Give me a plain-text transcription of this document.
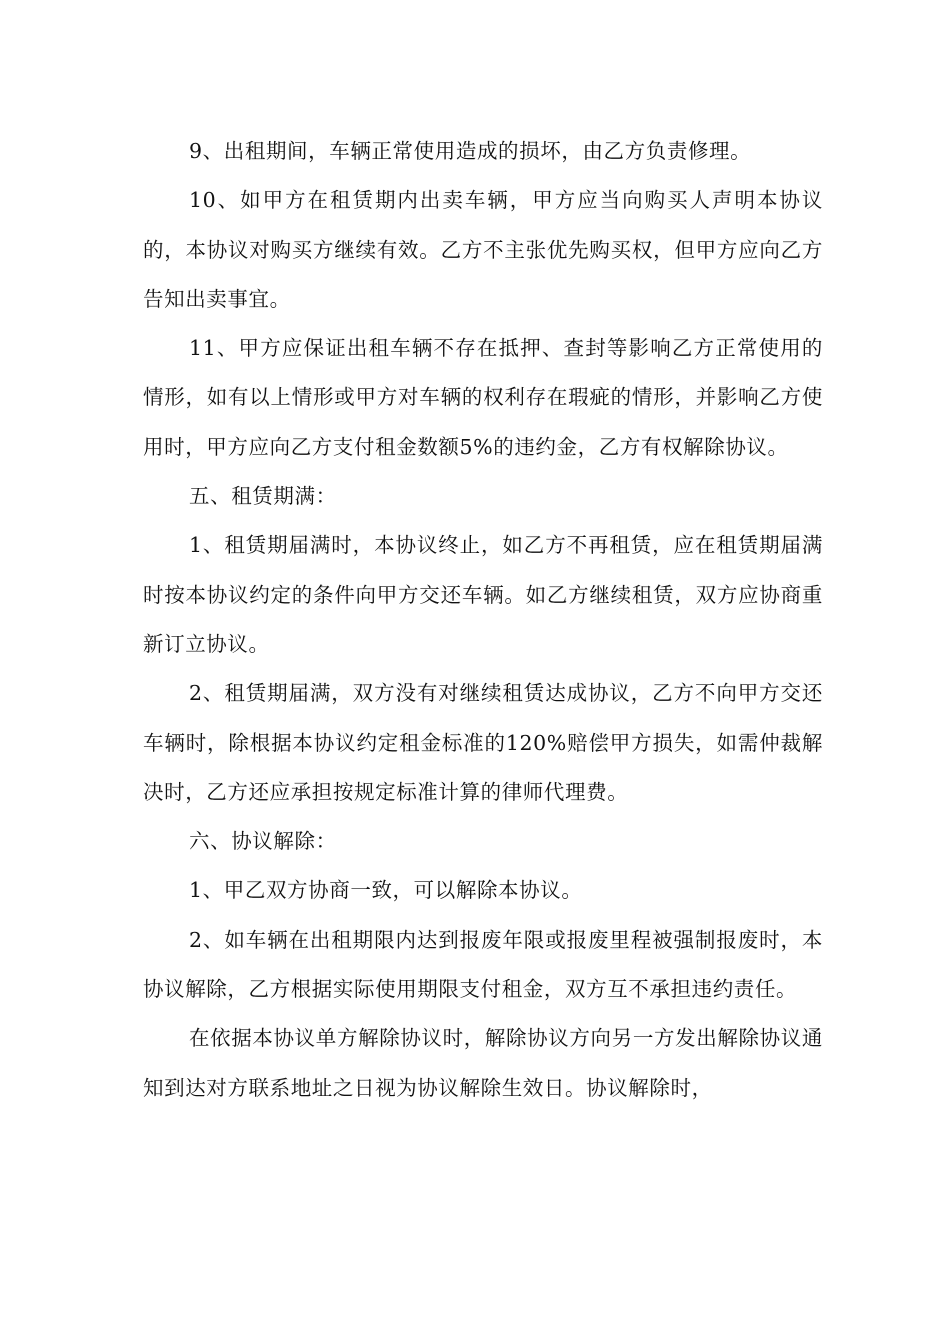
9、出租期间，车辆正常使用造成的损坏，由乙方负责修理。

10、如甲方在租赁期内出卖车辆，甲方应当向购买人声明本协议的，本协议对购买方继续有效。乙方不主张优先购买权，但甲方应向乙方告知出卖事宜。

11、甲方应保证出租车辆不存在抵押、查封等影响乙方正常使用的情形，如有以上情形或甲方对车辆的权利存在瑕疵的情形，并影响乙方使用时，甲方应向乙方支付租金数额5%的违约金，乙方有权解除协议。

五、租赁期满：

1、租赁期届满时，本协议终止，如乙方不再租赁，应在租赁期届满时按本协议约定的条件向甲方交还车辆。如乙方继续租赁，双方应协商重新订立协议。

2、租赁期届满，双方没有对继续租赁达成协议，乙方不向甲方交还车辆时，除根据本协议约定租金标准的120%赔偿甲方损失，如需仲裁解决时，乙方还应承担按规定标准计算的律师代理费。

六、协议解除：

1、甲乙双方协商一致，可以解除本协议。

2、如车辆在出租期限内达到报废年限或报废里程被强制报废时，本协议解除，乙方根据实际使用期限支付租金，双方互不承担违约责任。

在依据本协议单方解除协议时，解除协议方向另一方发出解除协议通知到达对方联系地址之日视为协议解除生效日。协议解除时，
